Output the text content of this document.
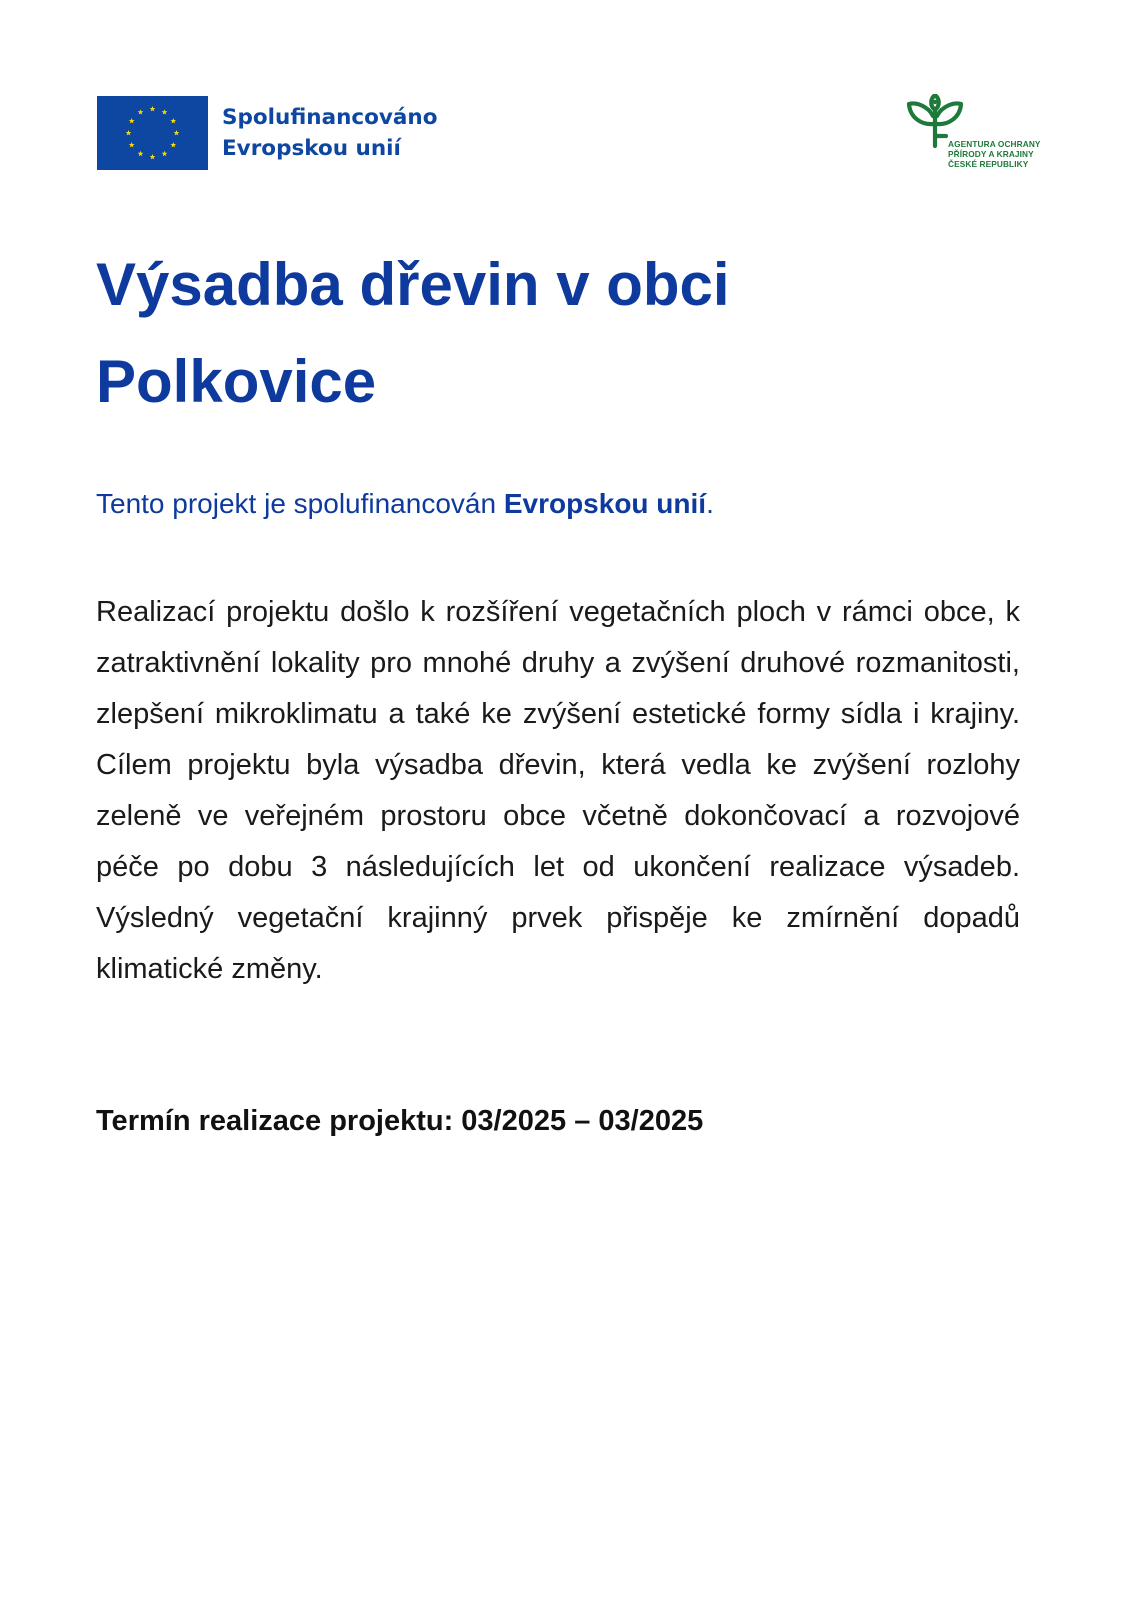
Spolufinancováno
Evropskou unií	AGENTURA OCHRANY
PŘÍRODY A KRAJINY
ČESKÉ REPUBLIKY
Výsadba dřevin v obci
Polkovice

Tento projekt je spolufinancován Evropskou unií.

Realizací projektu došlo k rozšíření vegetačních ploch v rámci obce, k zatraktivnění lokality pro mnohé druhy a zvýšení druhové rozmanitosti, zlepšení mikroklimatu a také ke zvýšení estetické formy sídla i krajiny. Cílem projektu byla výsadba dřevin, která vedla ke zvýšení rozlohy zeleně ve veřejném prostoru obce včetně dokončovací a rozvojové péče po dobu 3 následujících let od ukončení realizace výsadeb. Výsledný vegetační krajinný prvek přispěje ke zmírnění dopadů klimatické změny.

Termín realizace projektu: 03/2025 – 03/2025
